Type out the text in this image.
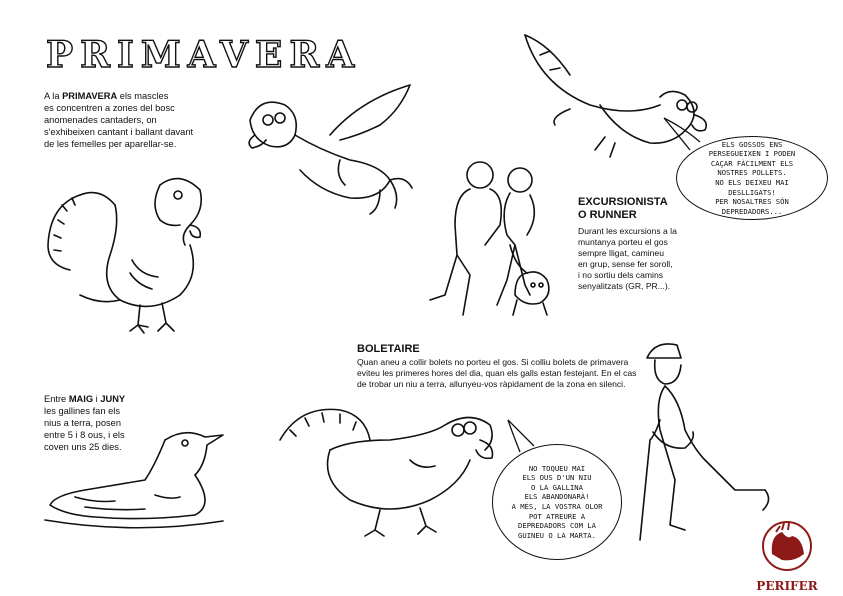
PRIMAVERA
A la PRIMAVERA els mascles
es concentren a zones del bosc
anomenades cantaders, on
s'exhibeixen cantant i ballant davant
de les femelles per aparellar-se.
Entre MAIG i JUNY
les gallines fan els
nius a terra, posen
entre 5 i 8 ous, i els
coven uns 25 dies.
EXCURSIONISTA
O RUNNER
Durant les excursions a la
muntanya porteu el gos
sempre lligat, camineu
en grup, sense fer soroll,
i no sortiu dels camins
senyalitzats (GR, PR...).
BOLETAIRE
Quan aneu a collir bolets no porteu el gos. Si colliu bolets de primavera
eviteu les primeres hores del dia, quan els galls estan festejant. En el cas
de trobar un niu a terra, allunyeu-vos ràpidament de la zona en silenci.
ELS GOSSOS ENS
PERSEGUEIXEN I PODEN
CAÇAR FÀCILMENT ELS
NOSTRES POLLETS.
NO ELS DEIXEU MAI
DESLLIGATS!
PER NOSALTRES SÓN
DEPREDADORS...
NO TOQUEU MAI
ELS OUS D'UN NIU
O LA GALLINA
ELS ABANDONARÀ!
A MÉS, LA VOSTRA OLOR
POT ATREURE A
DEPREDADORS COM LA
GUINEU O LA MARTA.
PERIFER
